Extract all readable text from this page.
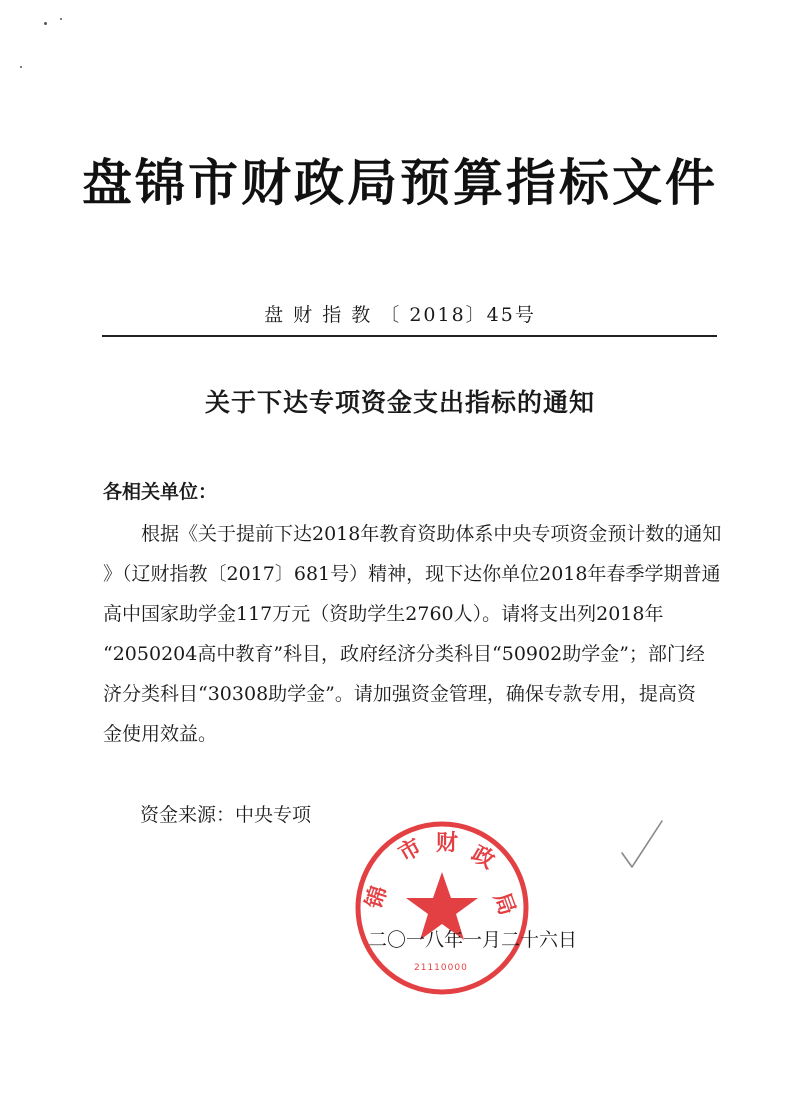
盘锦市财政局预算指标文件

盘 财 指 教 〔 2018〕45号

关于下达专项资金支出指标的通知

各相关单位：

根据《关于提前下达2018年教育资助体系中央专项资金预计数的通知
》（辽财指教〔2017〕681号）精神，现下达你单位2018年春季学期普通
高中国家助学金117万元（资助学生2760人）。请将支出列2018年
“2050204高中教育”科目，政府经济分类科目“50902助学金”；部门经
济分类科目“30308助学金”。请加强资金管理，确保专款专用，提高资
金使用效益。

资金来源：中央专项

锦
市 财 政
局
21110000

二〇一八年一月二十六日
